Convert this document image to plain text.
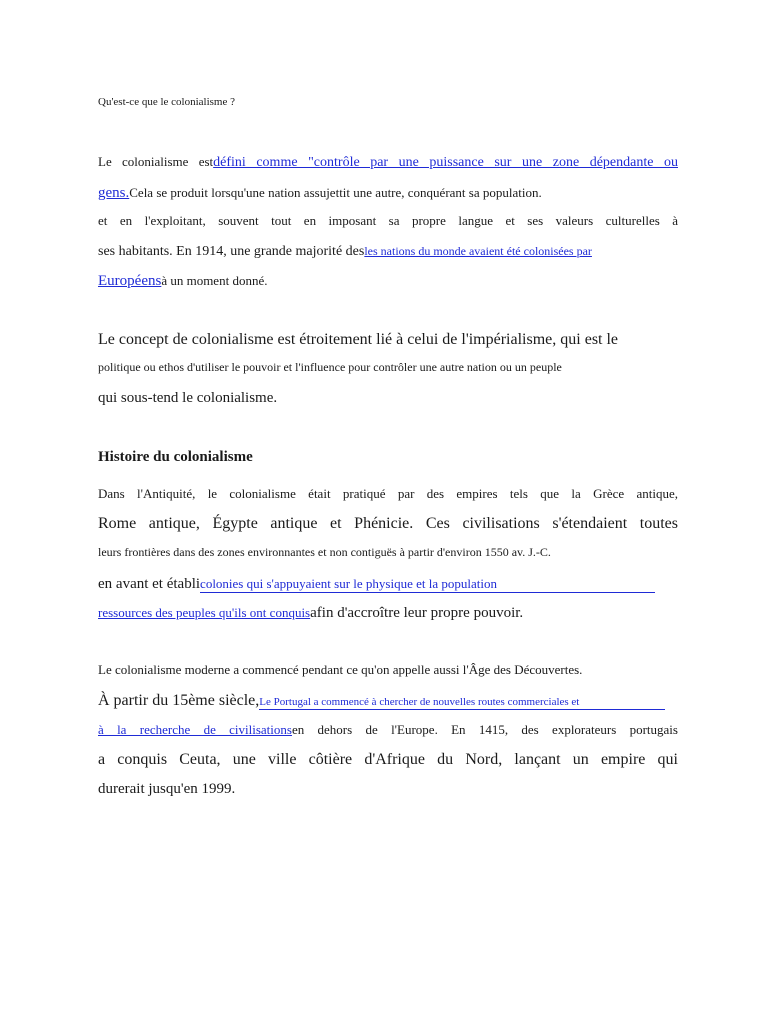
Qu'est-ce que le colonialisme ?
Le colonialisme estdéfini comme "contrôle par une puissance sur une zone dépendante ou
gens.Cela se produit lorsqu'une nation assujettit une autre, conquérant sa population.
et en l'exploitant, souvent tout en imposant sa propre langue et ses valeurs culturelles à
ses habitants. En 1914, une grande majorité desles nations du monde avaient été colonisées par
Européensà un moment donné.
Le concept de colonialisme est étroitement lié à celui de l'impérialisme, qui est le
politique ou ethos d'utiliser le pouvoir et l'influence pour contrôler une autre nation ou un peuple
qui sous-tend le colonialisme.
Histoire du colonialisme
Dans l'Antiquité, le colonialisme était pratiqué par des empires tels que la Grèce antique,
Rome antique, Égypte antique et Phénicie. Ces civilisations s'étendaient toutes
leurs frontières dans des zones environnantes et non contiguës à partir d'environ 1550 av. J.-C.
en avant et établicolonies qui s'appuyaient sur le physique et la population
ressources des peuples qu'ils ont conquisafin d'accroître leur propre pouvoir.
Le colonialisme moderne a commencé pendant ce qu'on appelle aussi l'Âge des Découvertes.
À partir du 15ème siècle,Le Portugal a commencé à chercher de nouvelles routes commerciales et
à la recherche de civilisationsen dehors de l'Europe. En 1415, des explorateurs portugais
a conquis Ceuta, une ville côtière d'Afrique du Nord, lançant un empire qui
durerait jusqu'en 1999.
